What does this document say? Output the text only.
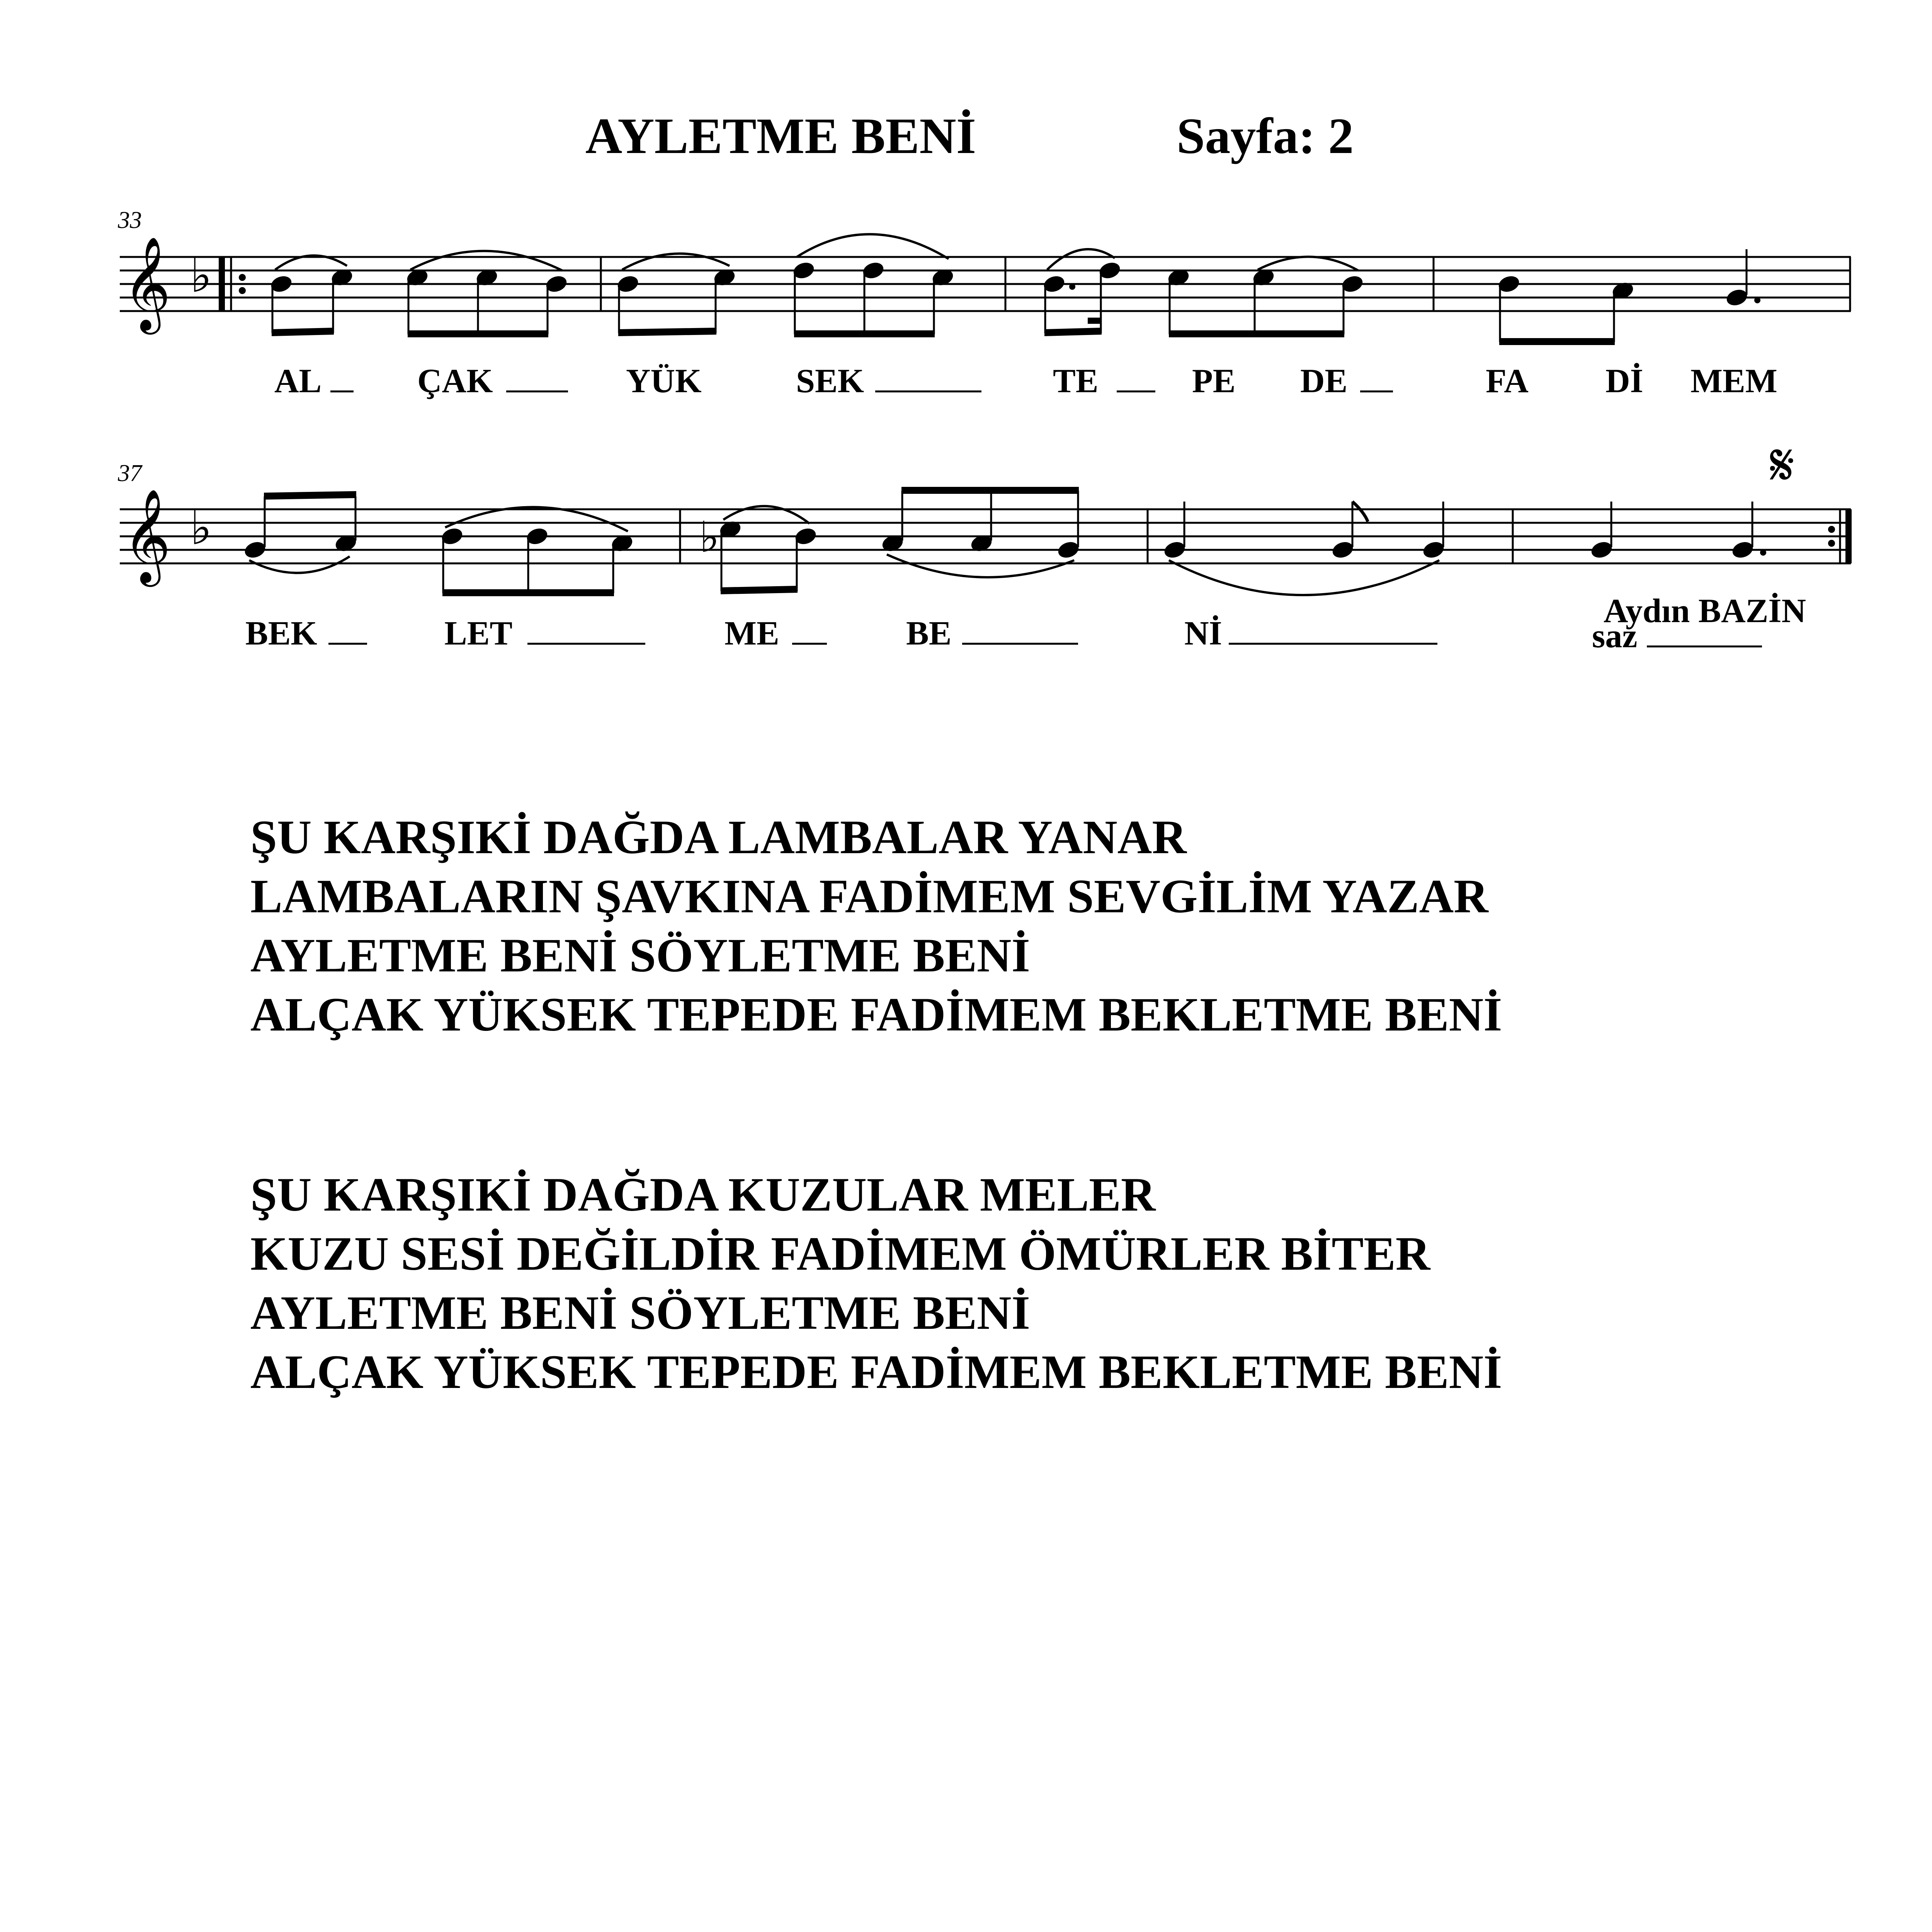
AYLETME BENİ	Sayfa: 2
33
𝄞 ♭
AL	ÇAK	YÜK	SEK	TE	PE DE	FA Dİ MEM
37
𝄞 ♭
𝄋
♭
BEK	LET	ME	BE	Nİ	saz
Aydın BAZİN
ŞU KARŞIKİ DAĞDA LAMBALAR YANAR
LAMBALARIN ŞAVKINA FADİMEM SEVGİLİM YAZAR
AYLETME BENİ SÖYLETME BENİ
ALÇAK YÜKSEK TEPEDE FADİMEM BEKLETME BENİ
ŞU KARŞIKİ DAĞDA KUZULAR MELER
KUZU SESİ DEĞİLDİR FADİMEM ÖMÜRLER BİTER
AYLETME BENİ SÖYLETME BENİ
ALÇAK YÜKSEK TEPEDE FADİMEM BEKLETME BENİ
